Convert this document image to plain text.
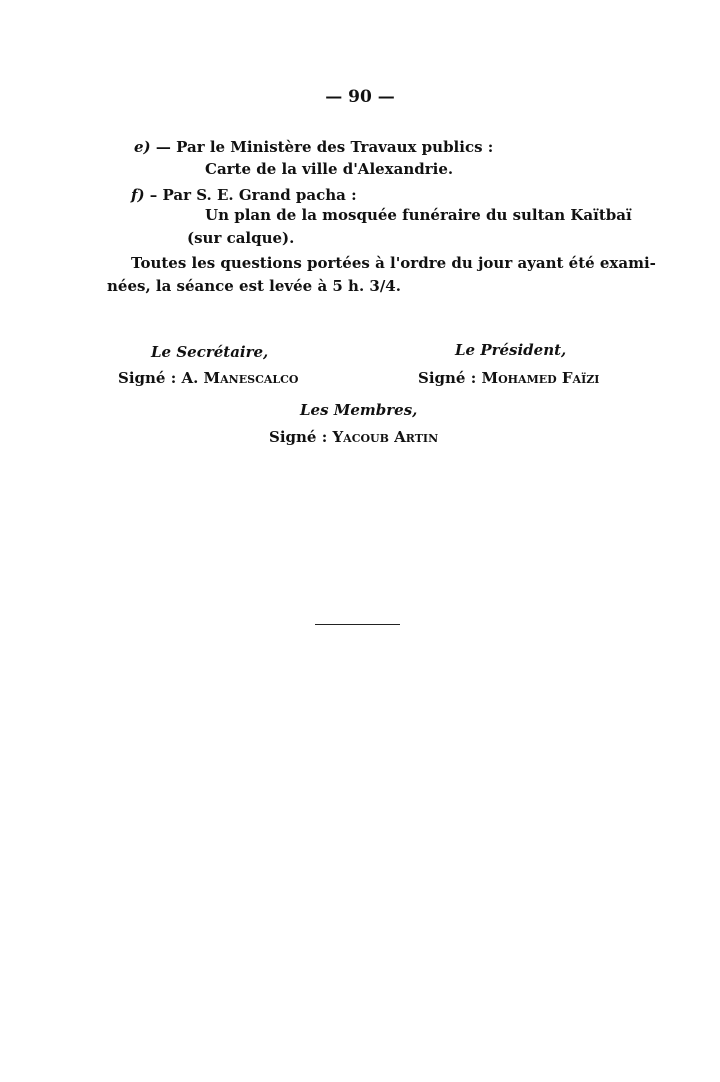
— 90 —
e) — Par le Ministère des Travaux publics :
Carte de la ville d'Alexandrie.
f) – Par S. E. Grand pacha :
Un plan de la mosquée funéraire du sultan Kaïtbaï
(sur calque).
Toutes les questions portées à l'ordre du jour ayant été exami-
nées, la séance est levée à 5 h. 3/4.
Le Secrétaire,
Signé : A. Manescalco
Le Président,
Signé : Mohamed Faïzi
Les Membres,
Signé : Yacoub Artin
